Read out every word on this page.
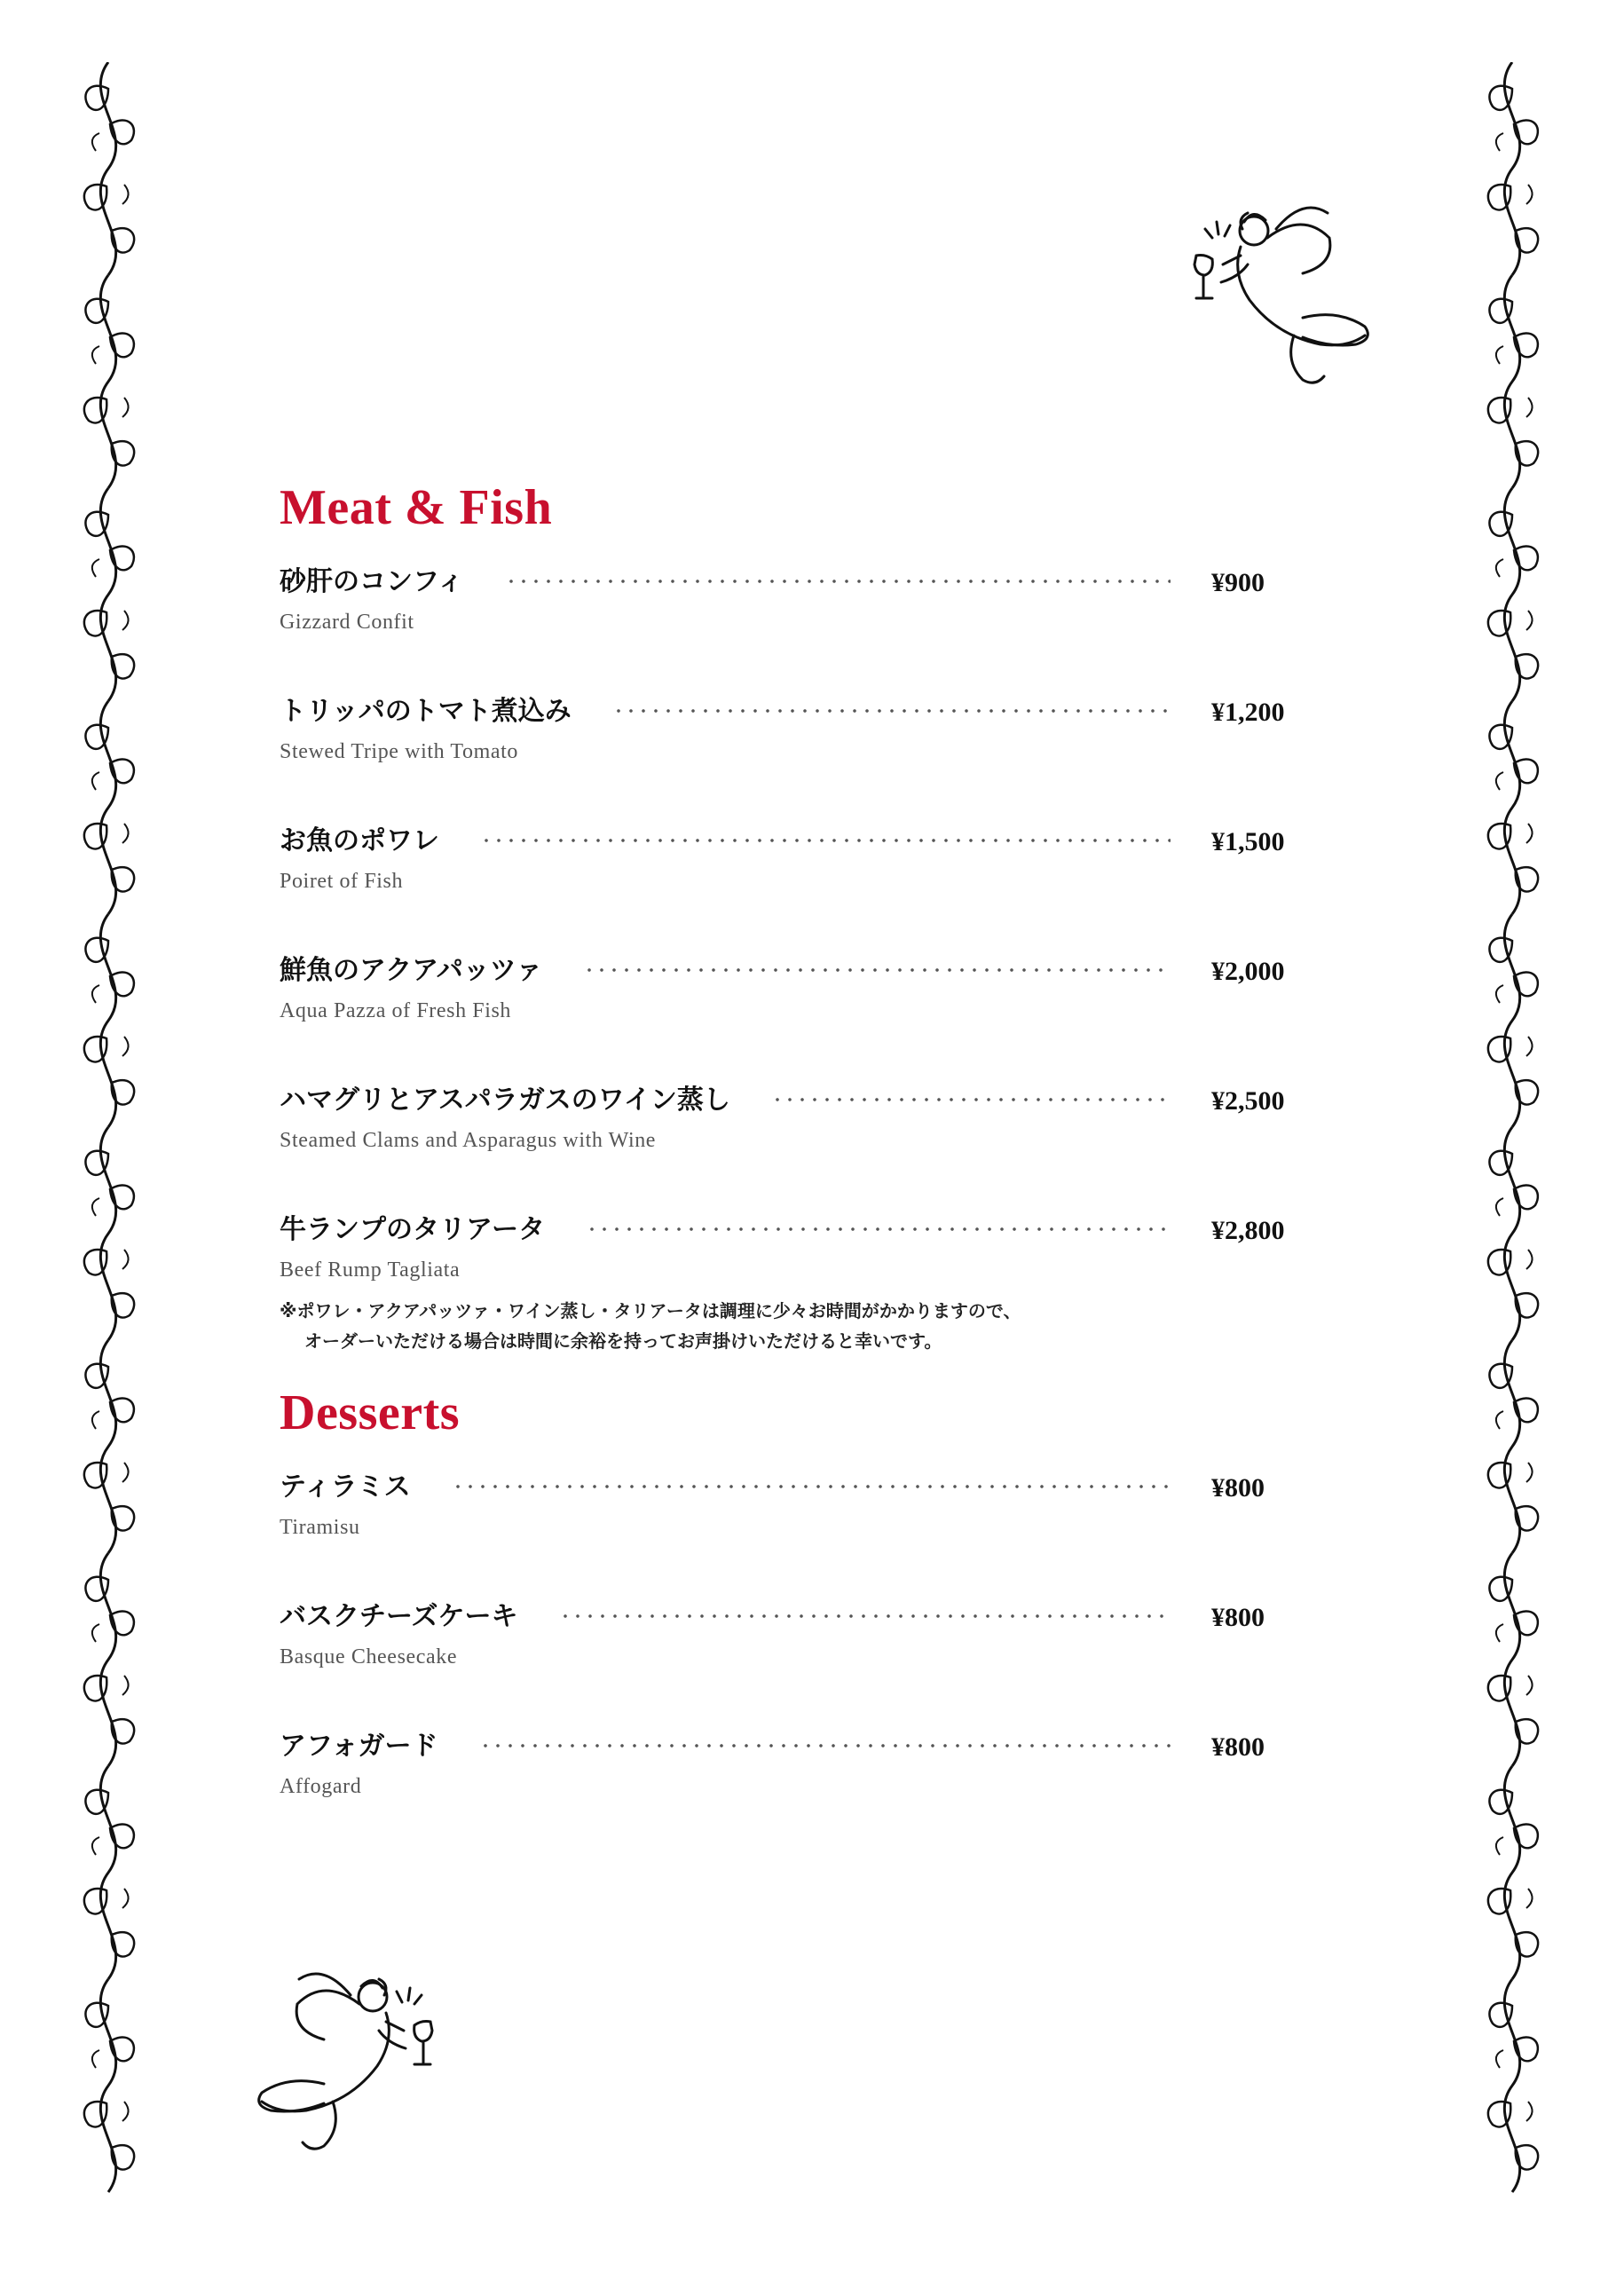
Meat & Fish
砂肝のコンフィ	¥900
Gizzard Confit
トリッパのトマト煮込み	¥1,200
Stewed Tripe with Tomato
お魚のポワレ	¥1,500
Poiret of Fish
鮮魚のアクアパッツァ	¥2,000
Aqua Pazza of Fresh Fish
ハマグリとアスパラガスのワイン蒸し	¥2,500
Steamed Clams and Asparagus with Wine
牛ランプのタリアータ	¥2,800
Beef Rump Tagliata
※ポワレ・アクアパッツァ・ワイン蒸し・タリアータは調理に少々お時間がかかりますので、
オーダーいただける場合は時間に余裕を持ってお声掛けいただけると幸いです。
Desserts
ティラミス	¥800
Tiramisu
バスクチーズケーキ	¥800
Basque Cheesecake
アフォガード	¥800
Affogard
